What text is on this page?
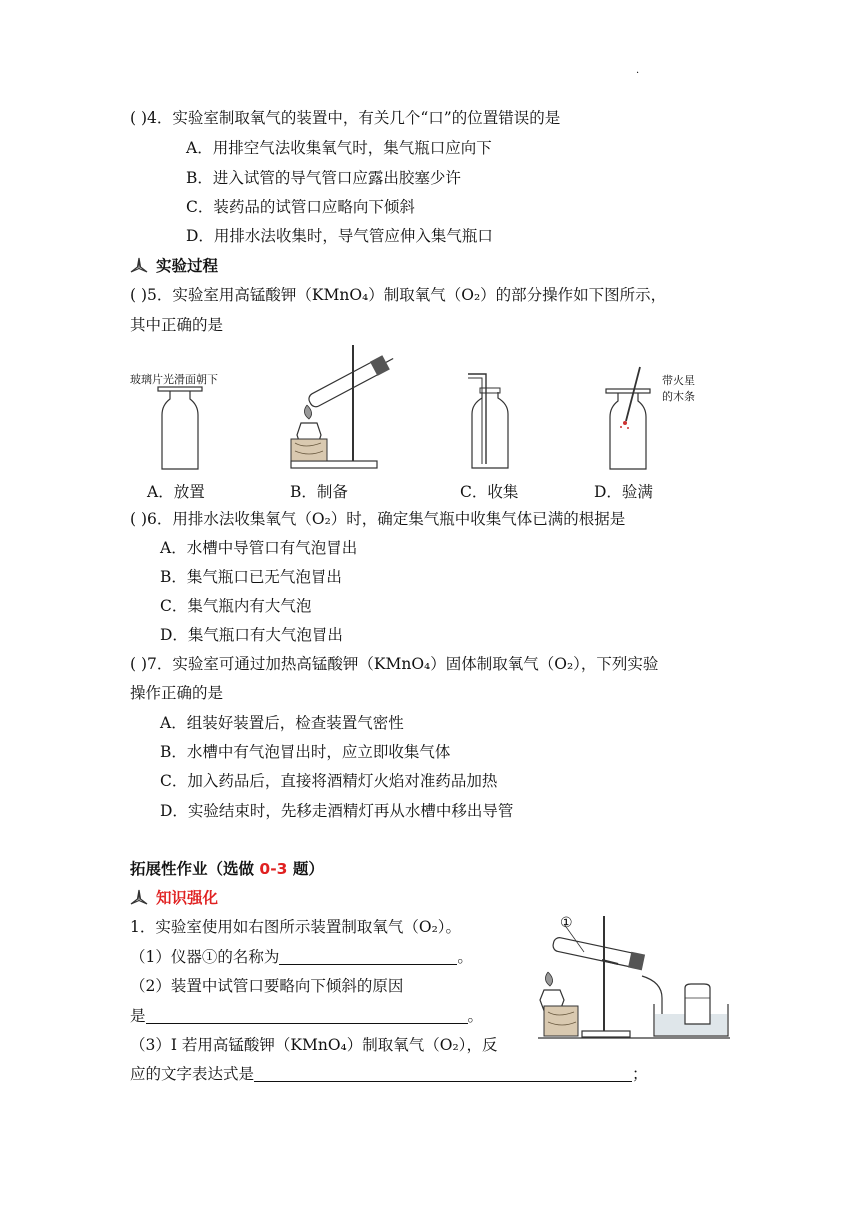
·
( )4．实验室制取氧气的装置中，有关几个“口”的位置错误的是
A．用排空气法收集氧气时，集气瓶口应向下
B．进入试管的导气管口应露出胶塞少许
C．装药品的试管口应略向下倾斜
D．用排水法收集时，导气管应伸入集气瓶口
实验过程
( )5．实验室用高锰酸钾（KMnO₄）制取氧气（O₂）的部分操作如下图所示，
其中正确的是
玻璃片光滑面朝下	带火星
的木条
A．放置	B．制备	C．收集	D．验满
( )6．用排水法收集氧气（O₂）时，确定集气瓶中收集气体已满的根据是
A．水槽中导管口有气泡冒出
B．集气瓶口已无气泡冒出
C．集气瓶内有大气泡
D．集气瓶口有大气泡冒出
( )7．实验室可通过加热高锰酸钾（KMnO₄）固体制取氧气（O₂），下列实验
操作正确的是
A．组装好装置后，检查装置气密性
B．水槽中有气泡冒出时，应立即收集气体
C．加入药品后，直接将酒精灯火焰对准药品加热
D．实验结束时，先移走酒精灯再从水槽中移出导管
拓展性作业（选做 0-3 题）
知识强化
1．实验室使用如右图所示装置制取氧气（O₂）。
（1）仪器①的名称为	。
（2）装置中试管口要略向下倾斜的原因
是	。
（3）I 若用高锰酸钾（KMnO₄）制取氧气（O₂），反
应的文字表达式是	；
①
